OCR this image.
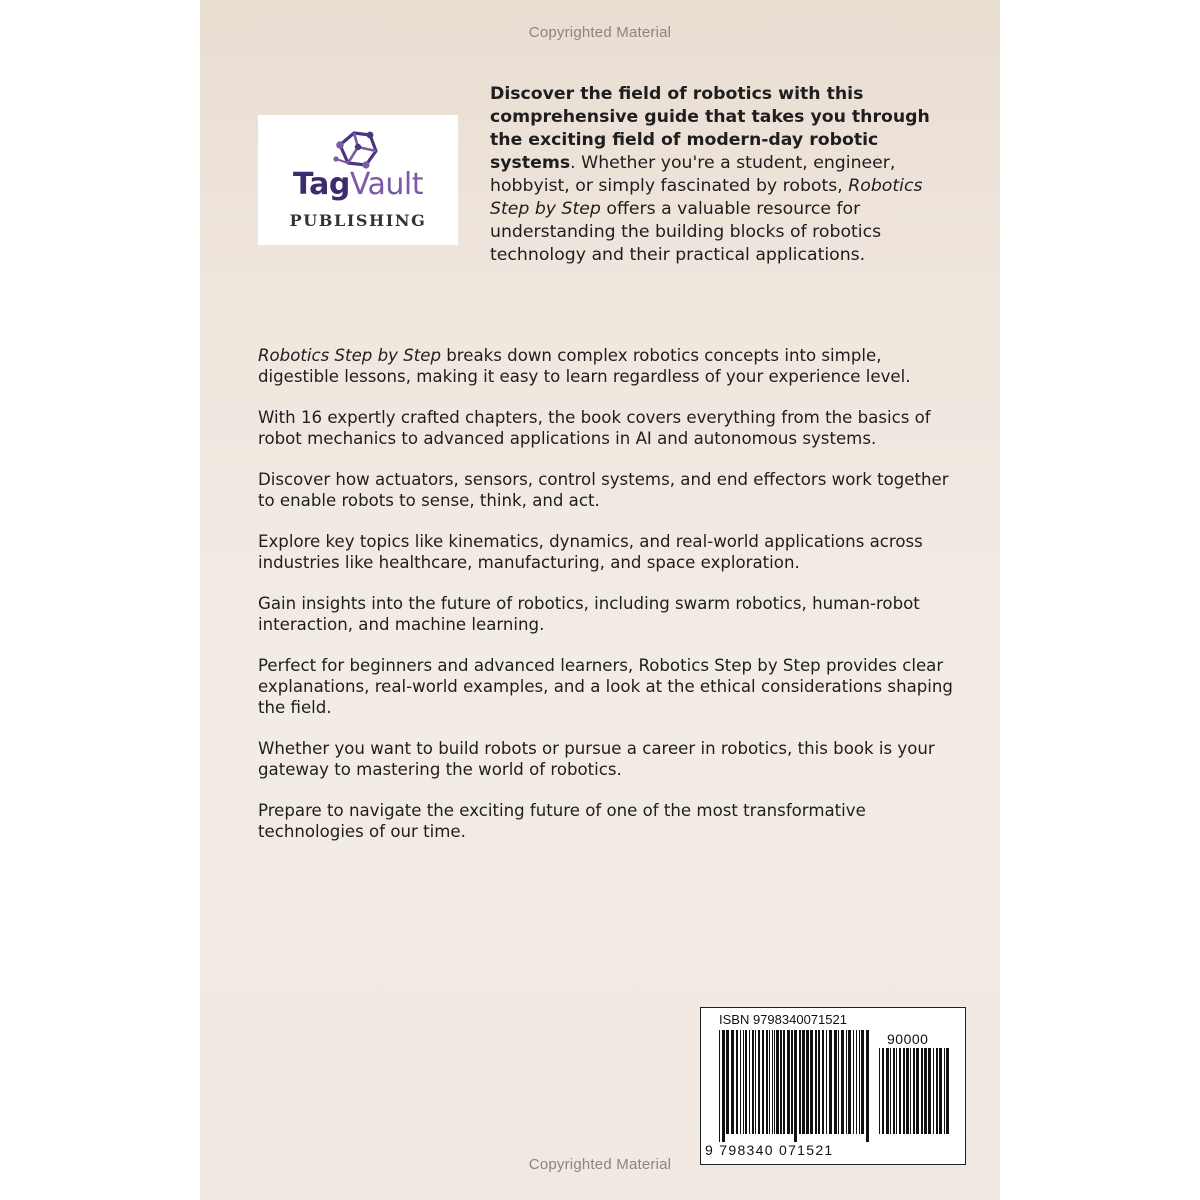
Copyrighted Material
TagVault
PUBLISHING

Discover the field of robotics with this comprehensive guide that takes you through the exciting field of modern-day robotic systems. Whether you're a student, engineer, hobbyist, or simply fascinated by robots, Robotics Step by Step offers a valuable resource for understanding the building blocks of robotics technology and their practical applications.

Robotics Step by Step breaks down complex robotics concepts into simple, digestible lessons, making it easy to learn regardless of your experience level.

With 16 expertly crafted chapters, the book covers everything from the basics of robot mechanics to advanced applications in AI and autonomous systems.

Discover how actuators, sensors, control systems, and end effectors work together to enable robots to sense, think, and act.

Explore key topics like kinematics, dynamics, and real-world applications across industries like healthcare, manufacturing, and space exploration.

Gain insights into the future of robotics, including swarm robotics, human-robot interaction, and machine learning.

Perfect for beginners and advanced learners, Robotics Step by Step provides clear explanations, real-world examples, and a look at the ethical considerations shaping the field.

Whether you want to build robots or pursue a career in robotics, this book is your gateway to mastering the world of robotics.

Prepare to navigate the exciting future of one of the most transformative technologies of our time.

ISBN 9798340071521
90000
9 798340 071521
Copyrighted Material
